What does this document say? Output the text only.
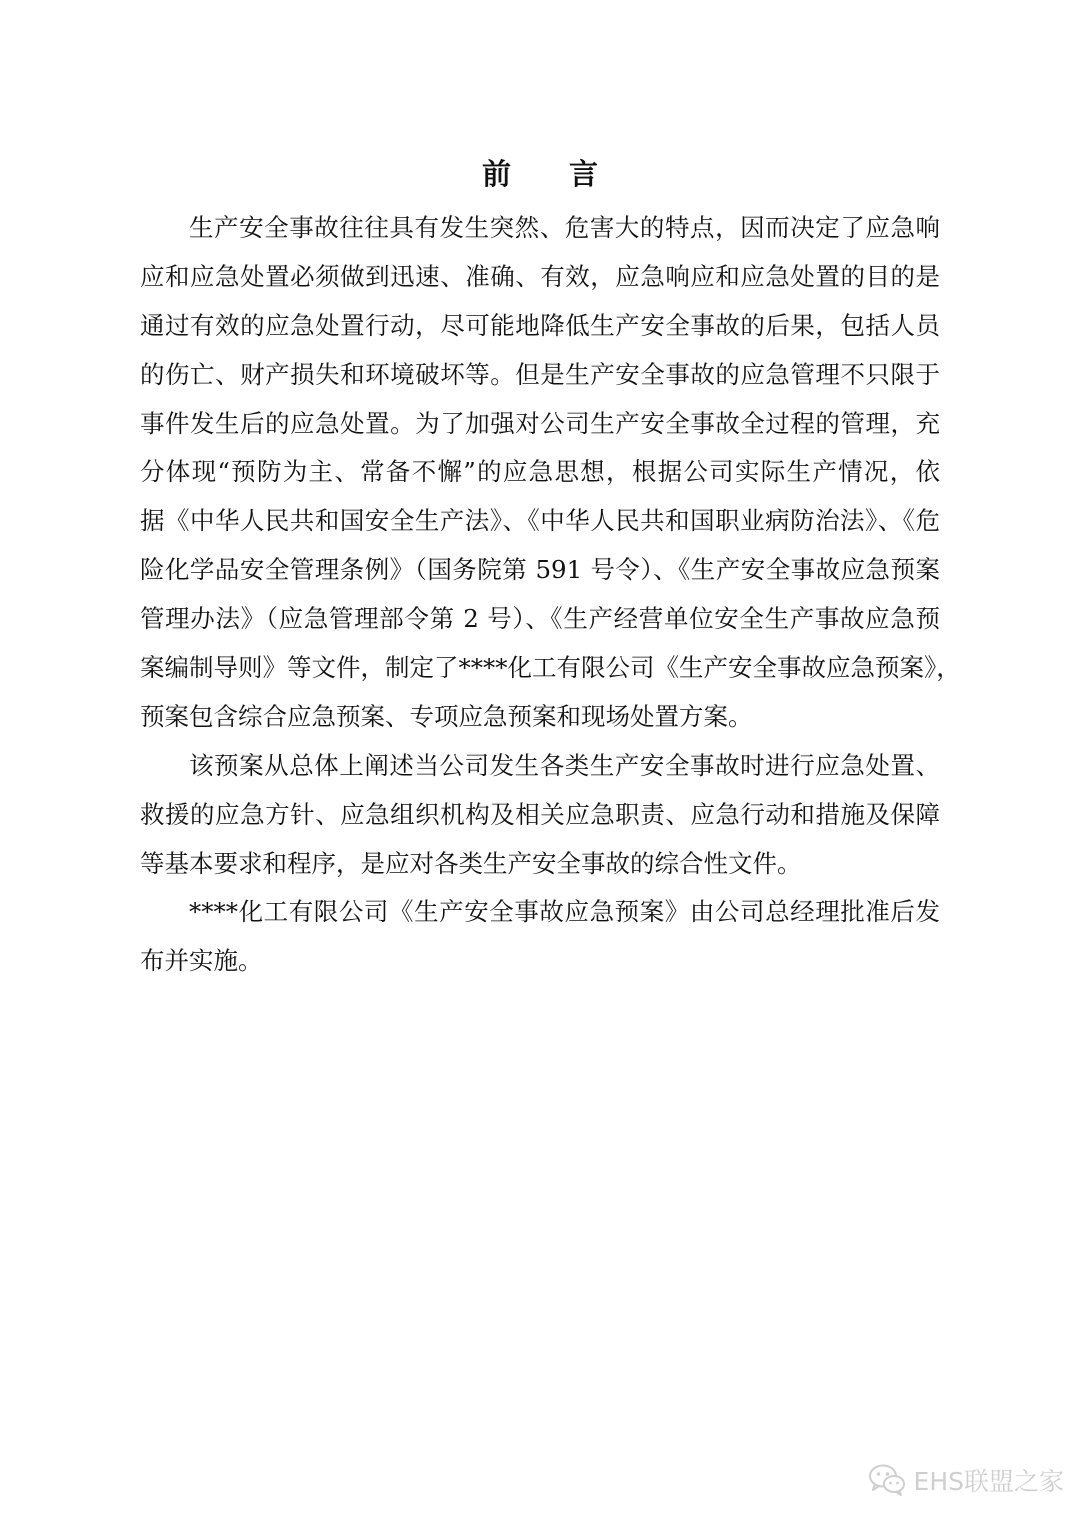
前言
生产安全事故往往具有发生突然、危害大的特点，因而决定了应急响
应和应急处置必须做到迅速、准确、有效，应急响应和应急处置的目的是
通过有效的应急处置行动，尽可能地降低生产安全事故的后果，包括人员
的伤亡、财产损失和环境破坏等。但是生产安全事故的应急管理不只限于
事件发生后的应急处置。为了加强对公司生产安全事故全过程的管理，充
分体现“预防为主、常备不懈”的应急思想，根据公司实际生产情况，依
据《中华人民共和国安全生产法》、《中华人民共和国职业病防治法》、《危
险化学品安全管理条例》（国务院第 591 号令）、《生产安全事故应急预案
管理办法》（应急管理部令第 2 号）、《生产经营单位安全生产事故应急预
案编制导则》等文件，制定了****化工有限公司《生产安全事故应急预案》，
预案包含综合应急预案、专项应急预案和现场处置方案。
该预案从总体上阐述当公司发生各类生产安全事故时进行应急处置、
救援的应急方针、应急组织机构及相关应急职责、应急行动和措施及保障
等基本要求和程序，是应对各类生产安全事故的综合性文件。
****化工有限公司《生产安全事故应急预案》由公司总经理批准后发
布并实施。
EHS联盟之家
